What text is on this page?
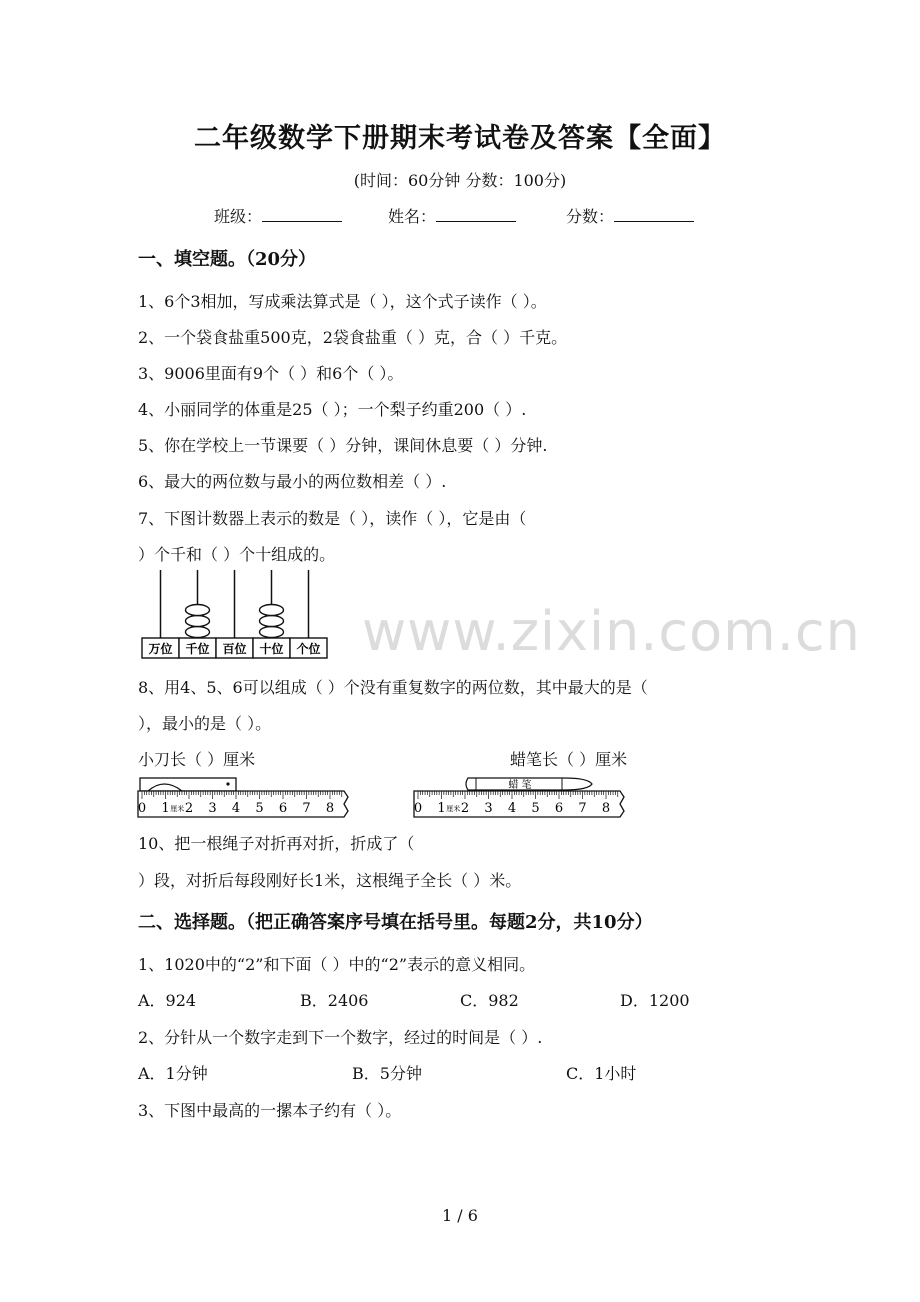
二年级数学下册期末考试卷及答案【全面】
(时间：60分钟 分数：100分)
班级：	姓名：	分数：
一、填空题。（20分）
1、6个3相加，写成乘法算式是（ ），这个式子读作（ ）。
2、一个袋食盐重500克，2袋食盐重（ ）克，合（ ）千克。
3、9006里面有9个（ ）和6个（ ）。
4、小丽同学的体重是25（ ）；一个梨子约重200（ ）.
5、你在学校上一节课要（ ）分钟，课间休息要（ ）分钟.
6、最大的两位数与最小的两位数相差（ ）.
7、下图计数器上表示的数是（ ），读作（ ），它是由（
）个千和（ ）个十组成的。
万位 千位 百位 十位 个位 www.zixin.com.cn
8、用4、5、6可以组成（ ）个没有重复数字的两位数，其中最大的是（
），最小的是（ ）。
小刀长（ ）厘米	蜡笔长（ ）厘米
0 1 2 3 4 5 6 7 8
厘米
蜡 笔
0 1 2 3 4 5 6 7 8
厘米
10、把一根绳子对折再对折，折成了（
）段，对折后每段刚好长1米，这根绳子全长（ ）米。
二、选择题。（把正确答案序号填在括号里。每题2分，共10分）
1、1020中的“2”和下面（ ）中的“2”表示的意义相同。
A．924	B．2406	C．982	D．1200
2、分针从一个数字走到下一个数字，经过的时间是（ ）.
A．1分钟	B．5分钟	C．1小时
3、下图中最高的一摞本子约有（ ）。
1 / 6
